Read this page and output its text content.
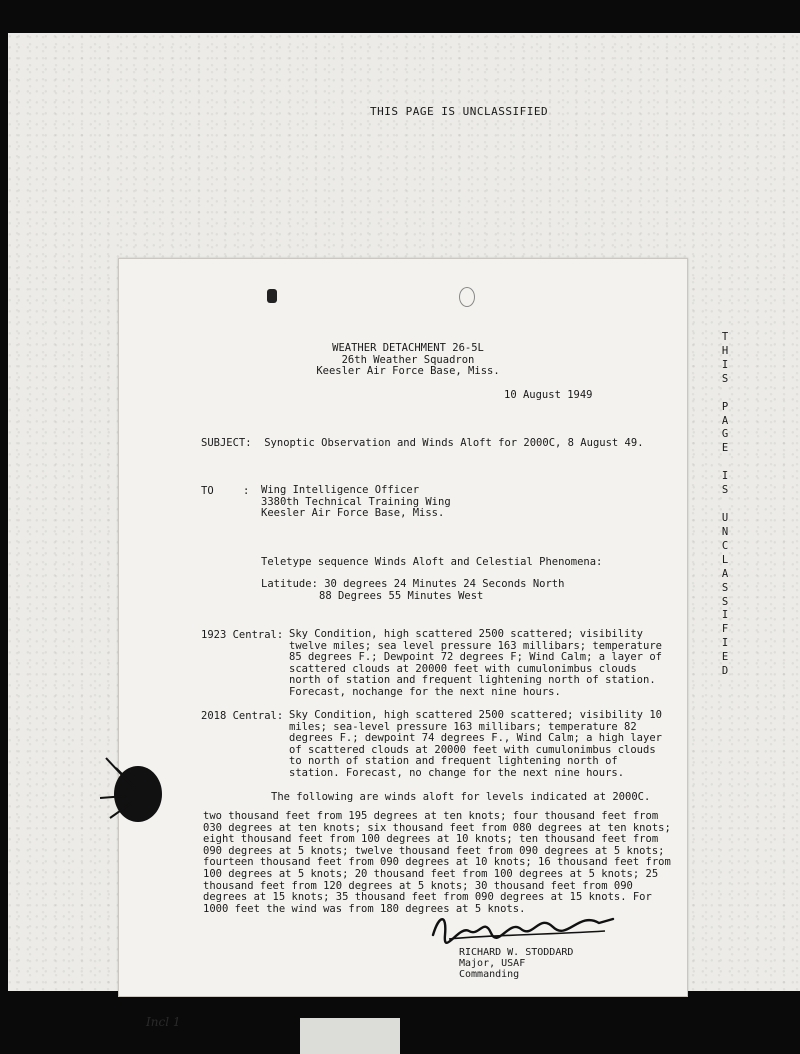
THIS PAGE IS UNCLASSIFIED
T
H
I
S
P
A
G
E
I
S
U
N
C
L
A
S
S
I
F
I
E
D
Incl 1
WEATHER DETACHMENT 26-5L
26th Weather Squadron
Keesler Air Force Base, Miss.
10 August 1949
SUBJECT: Synoptic Observation and Winds Aloft for 2000C, 8 August 49.
TO	: Wing Intelligence Officer
3380th Technical Training Wing
Keesler Air Force Base, Miss.
Teletype sequence Winds Aloft and Celestial Phenomena:
Latitude: 30 degrees 24 Minutes 24 Seconds North
88 Degrees 55 Minutes West
1923 Central: Sky Condition, high scattered 2500 scattered; visibility twelve miles; sea level pressure 163 millibars; temperature 85 degrees F.; Dewpoint 72 degrees F; Wind Calm; a layer of scattered clouds at 20000 feet with cumulonimbus clouds north of station and frequent lightening north of station. Forecast, nochange for the next nine hours.
2018 Central: Sky Condition, high scattered 2500 scattered; visibility 10 miles; sea-level pressure 163 millibars; temperature 82 degrees F.; dewpoint 74 degrees F., Wind Calm; a high layer of scattered clouds at 20000 feet with cumulonimbus clouds to north of station and frequent lightening north of station. Forecast, no change for the next nine hours.
The following are winds aloft for levels indicated at 2000C.
two thousand feet from 195 degrees at ten knots; four thousand feet from 030 degrees at ten knots; six thousand feet from 080 degrees at ten knots; eight thousand feet from 100 degrees at 10 knots; ten thousand feet from 090 degrees at 5 knots; twelve thousand feet from 090 degrees at 5 knots; fourteen thousand feet from 090 degrees at 10 knots; 16 thousand feet from 100 degrees at 5 knots; 20 thousand feet from 100 degrees at 5 knots; 25 thousand feet from 120 degrees at 5 knots; 30 thousand feet from 090 degrees at 15 knots; 35 thousand feet from 090 degrees at 15 knots. For 1000 feet the wind was from 180 degrees at 5 knots.
RICHARD W. STODDARD
Major, USAF
Commanding
